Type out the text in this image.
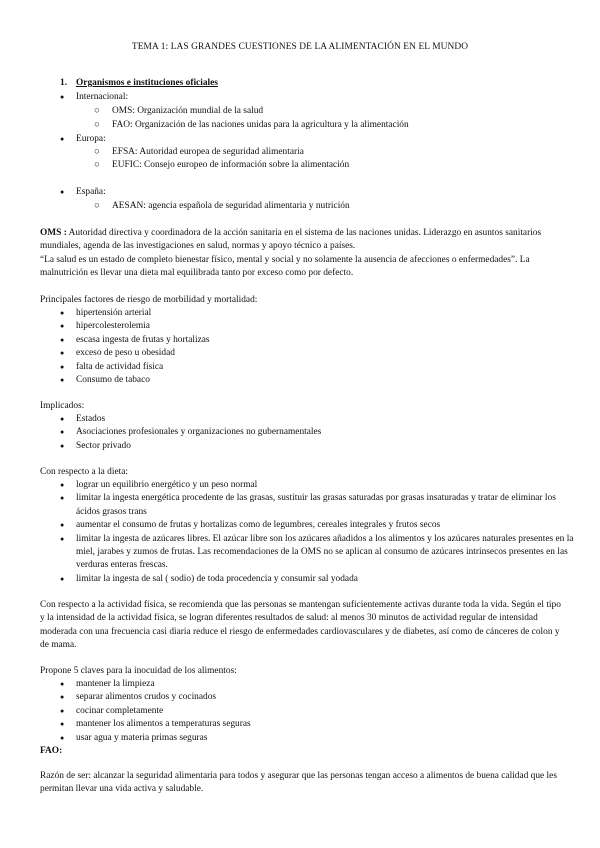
TEMA 1: LAS GRANDES CUESTIONES DE LA ALIMENTACIÓN EN EL MUNDO
1. Organismos e instituciones oficiales
● Internacional:
○ OMS: Organización mundial de la salud
○ FAO: Organización de las naciones unidas para la agricultura y la alimentación
● Europa:
○ EFSA: Autoridad europea de seguridad alimentaria
○ EUFIC: Consejo europeo de información sobre la alimentación
● España:
○ AESAN: agencia española de seguridad alimentaria y nutrición
OMS : Autoridad directiva y coordinadora de la acción sanitaria en el sistema de las naciones unidas. Liderazgo en asuntos sanitarios mundiales, agenda de las investigaciones en salud, normas y apoyo técnico a países.
“La salud es un estado de completo bienestar físico, mental y social y no solamente la ausencia de afecciones o enfermedades”. La malnutrición es llevar una dieta mal equilibrada tanto por exceso como por defecto.
Principales factores de riesgo de morbilidad y mortalidad:
● hipertensión arterial
● hipercolesterolemia
● escasa ingesta de frutas y hortalizas
● exceso de peso u obesidad
● falta de actividad física
● Consumo de tabaco
Implicados:
● Estados
● Asociaciones profesionales y organizaciones no gubernamentales
● Sector privado
Con respecto a la dieta:
● lograr un equilibrio energético y un peso normal
● limitar la ingesta energética procedente de las grasas, sustituir las grasas saturadas por grasas insaturadas y tratar de eliminar los ácidos grasos trans
● aumentar el consumo de frutas y hortalizas como de legumbres, cereales integrales y frutos secos
● limitar la ingesta de azúcares libres. El azúcar libre son los azúcares añadidos a los alimentos y los azúcares naturales presentes en la miel, jarabes y zumos de frutas. Las recomendaciones de la OMS no se aplican al consumo de azúcares intrínsecos presentes en las verduras enteras frescas.
● limitar la ingesta de sal ( sodio) de toda procedencia y consumir sal yodada
Con respecto a la actividad física, se recomienda que las personas se mantengan suficientemente activas durante toda la vida. Según el tipo y la intensidad de la actividad física, se logran diferentes resultados de salud: al menos 30 minutos de actividad regular de intensidad moderada con una frecuencia casi diaria reduce el riesgo de enfermedades cardiovasculares y de diabetes, así como de cánceres de colon y de mama.
Propone 5 claves para la inocuidad de los alimentos:
● mantener la limpieza
● separar alimentos crudos y cocinados
● cocinar completamente
● mantener los alimentos a temperaturas seguras
● usar agua y materia primas seguras
FAO:
Razón de ser: alcanzar la seguridad alimentaria para todos y asegurar que las personas tengan acceso a alimentos de buena calidad que les permitan llevar una vida activa y saludable.
